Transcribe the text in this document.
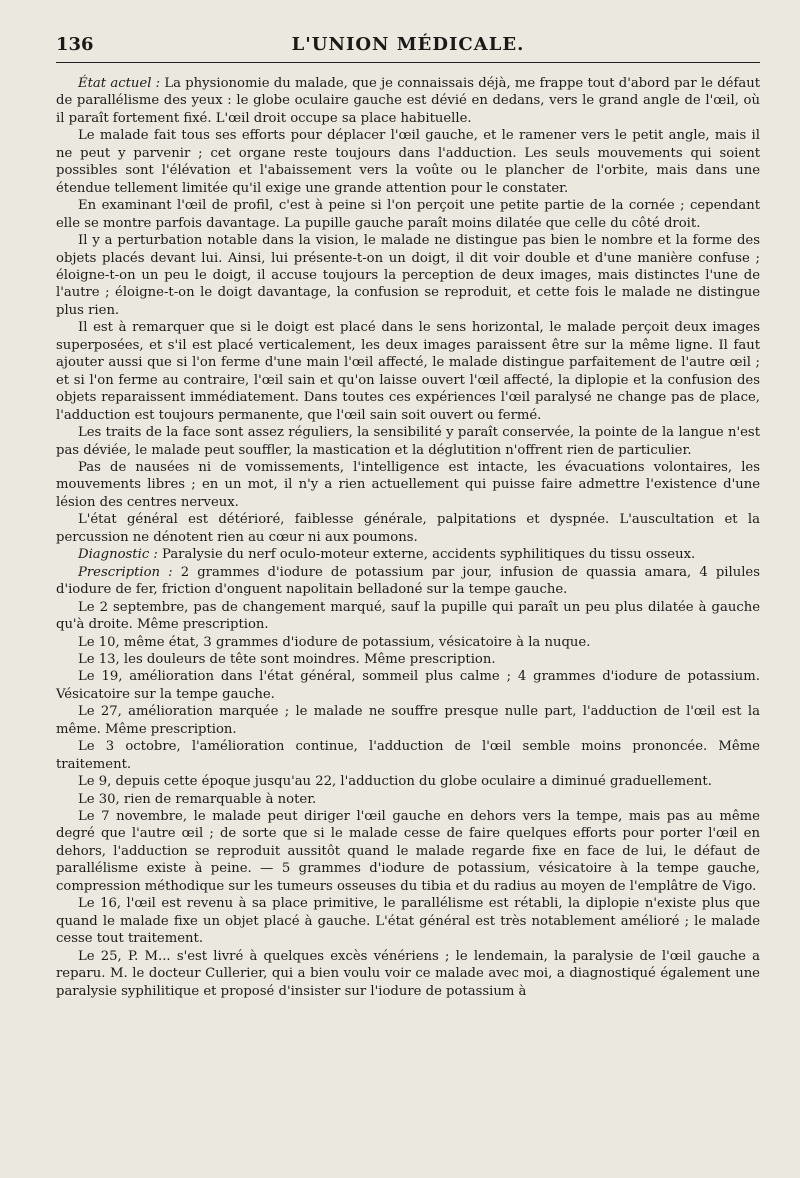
136	L'UNION MÉDICALE.

État actuel : La physionomie du malade, que je connaissais déjà, me frappe tout d'abord par le défaut de parallélisme des yeux : le globe oculaire gauche est dévié en dedans, vers le grand angle de l'œil, où il paraît fortement fixé. L'œil droit occupe sa place habituelle.

Le malade fait tous ses efforts pour déplacer l'œil gauche, et le ramener vers le petit angle, mais il ne peut y parvenir ; cet organe reste toujours dans l'adduction. Les seuls mouvements qui soient possibles sont l'élévation et l'abaissement vers la voûte ou le plancher de l'orbite, mais dans une étendue tellement limitée qu'il exige une grande attention pour le constater.

En examinant l'œil de profil, c'est à peine si l'on perçoit une petite partie de la cornée ; cependant elle se montre parfois davantage. La pupille gauche paraît moins dilatée que celle du côté droit.

Il y a perturbation notable dans la vision, le malade ne distingue pas bien le nombre et la forme des objets placés devant lui. Ainsi, lui présente-t-on un doigt, il dit voir double et d'une manière confuse ; éloigne-t-on un peu le doigt, il accuse toujours la perception de deux images, mais distinctes l'une de l'autre ; éloigne-t-on le doigt davantage, la confusion se reproduit, et cette fois le malade ne distingue plus rien.

Il est à remarquer que si le doigt est placé dans le sens horizontal, le malade perçoit deux images superposées, et s'il est placé verticalement, les deux images paraissent être sur la même ligne. Il faut ajouter aussi que si l'on ferme d'une main l'œil affecté, le malade distingue parfaitement de l'autre œil ; et si l'on ferme au contraire, l'œil sain et qu'on laisse ouvert l'œil affecté, la diplopie et la confusion des objets reparaissent immédiatement. Dans toutes ces expériences l'œil paralysé ne change pas de place, l'adduction est toujours permanente, que l'œil sain soit ouvert ou fermé.

Les traits de la face sont assez réguliers, la sensibilité y paraît conservée, la pointe de la langue n'est pas déviée, le malade peut souffler, la mastication et la déglutition n'offrent rien de particulier.

Pas de nausées ni de vomissements, l'intelligence est intacte, les évacuations volontaires, les mouvements libres ; en un mot, il n'y a rien actuellement qui puisse faire admettre l'existence d'une lésion des centres nerveux.

L'état général est détérioré, faiblesse générale, palpitations et dyspnée. L'auscultation et la percussion ne dénotent rien au cœur ni aux poumons.

Diagnostic : Paralysie du nerf oculo-moteur externe, accidents syphilitiques du tissu osseux.

Prescription : 2 grammes d'iodure de potassium par jour, infusion de quassia amara, 4 pilules d'iodure de fer, friction d'onguent napolitain belladoné sur la tempe gauche.

Le 2 septembre, pas de changement marqué, sauf la pupille qui paraît un peu plus dilatée à gauche qu'à droite. Même prescription.

Le 10, même état, 3 grammes d'iodure de potassium, vésicatoire à la nuque.

Le 13, les douleurs de tête sont moindres. Même prescription.

Le 19, amélioration dans l'état général, sommeil plus calme ; 4 grammes d'iodure de potassium. Vésicatoire sur la tempe gauche.

Le 27, amélioration marquée ; le malade ne souffre presque nulle part, l'adduction de l'œil est la même. Même prescription.

Le 3 octobre, l'amélioration continue, l'adduction de l'œil semble moins prononcée. Même traitement.

Le 9, depuis cette époque jusqu'au 22, l'adduction du globe oculaire a diminué graduellement.

Le 30, rien de remarquable à noter.

Le 7 novembre, le malade peut diriger l'œil gauche en dehors vers la tempe, mais pas au même degré que l'autre œil ; de sorte que si le malade cesse de faire quelques efforts pour porter l'œil en dehors, l'adduction se reproduit aussitôt quand le malade regarde fixe en face de lui, le défaut de parallélisme existe à peine. — 5 grammes d'iodure de potassium, vésicatoire à la tempe gauche, compression méthodique sur les tumeurs osseuses du tibia et du radius au moyen de l'emplâtre de Vigo.

Le 16, l'œil est revenu à sa place primitive, le parallélisme est rétabli, la diplopie n'existe plus que quand le malade fixe un objet placé à gauche. L'état général est très notablement amélioré ; le malade cesse tout traitement.

Le 25, P. M... s'est livré à quelques excès vénériens ; le lendemain, la paralysie de l'œil gauche a reparu. M. le docteur Cullerier, qui a bien voulu voir ce malade avec moi, a diagnostiqué également une paralysie syphilitique et proposé d'insister sur l'iodure de potassium à
